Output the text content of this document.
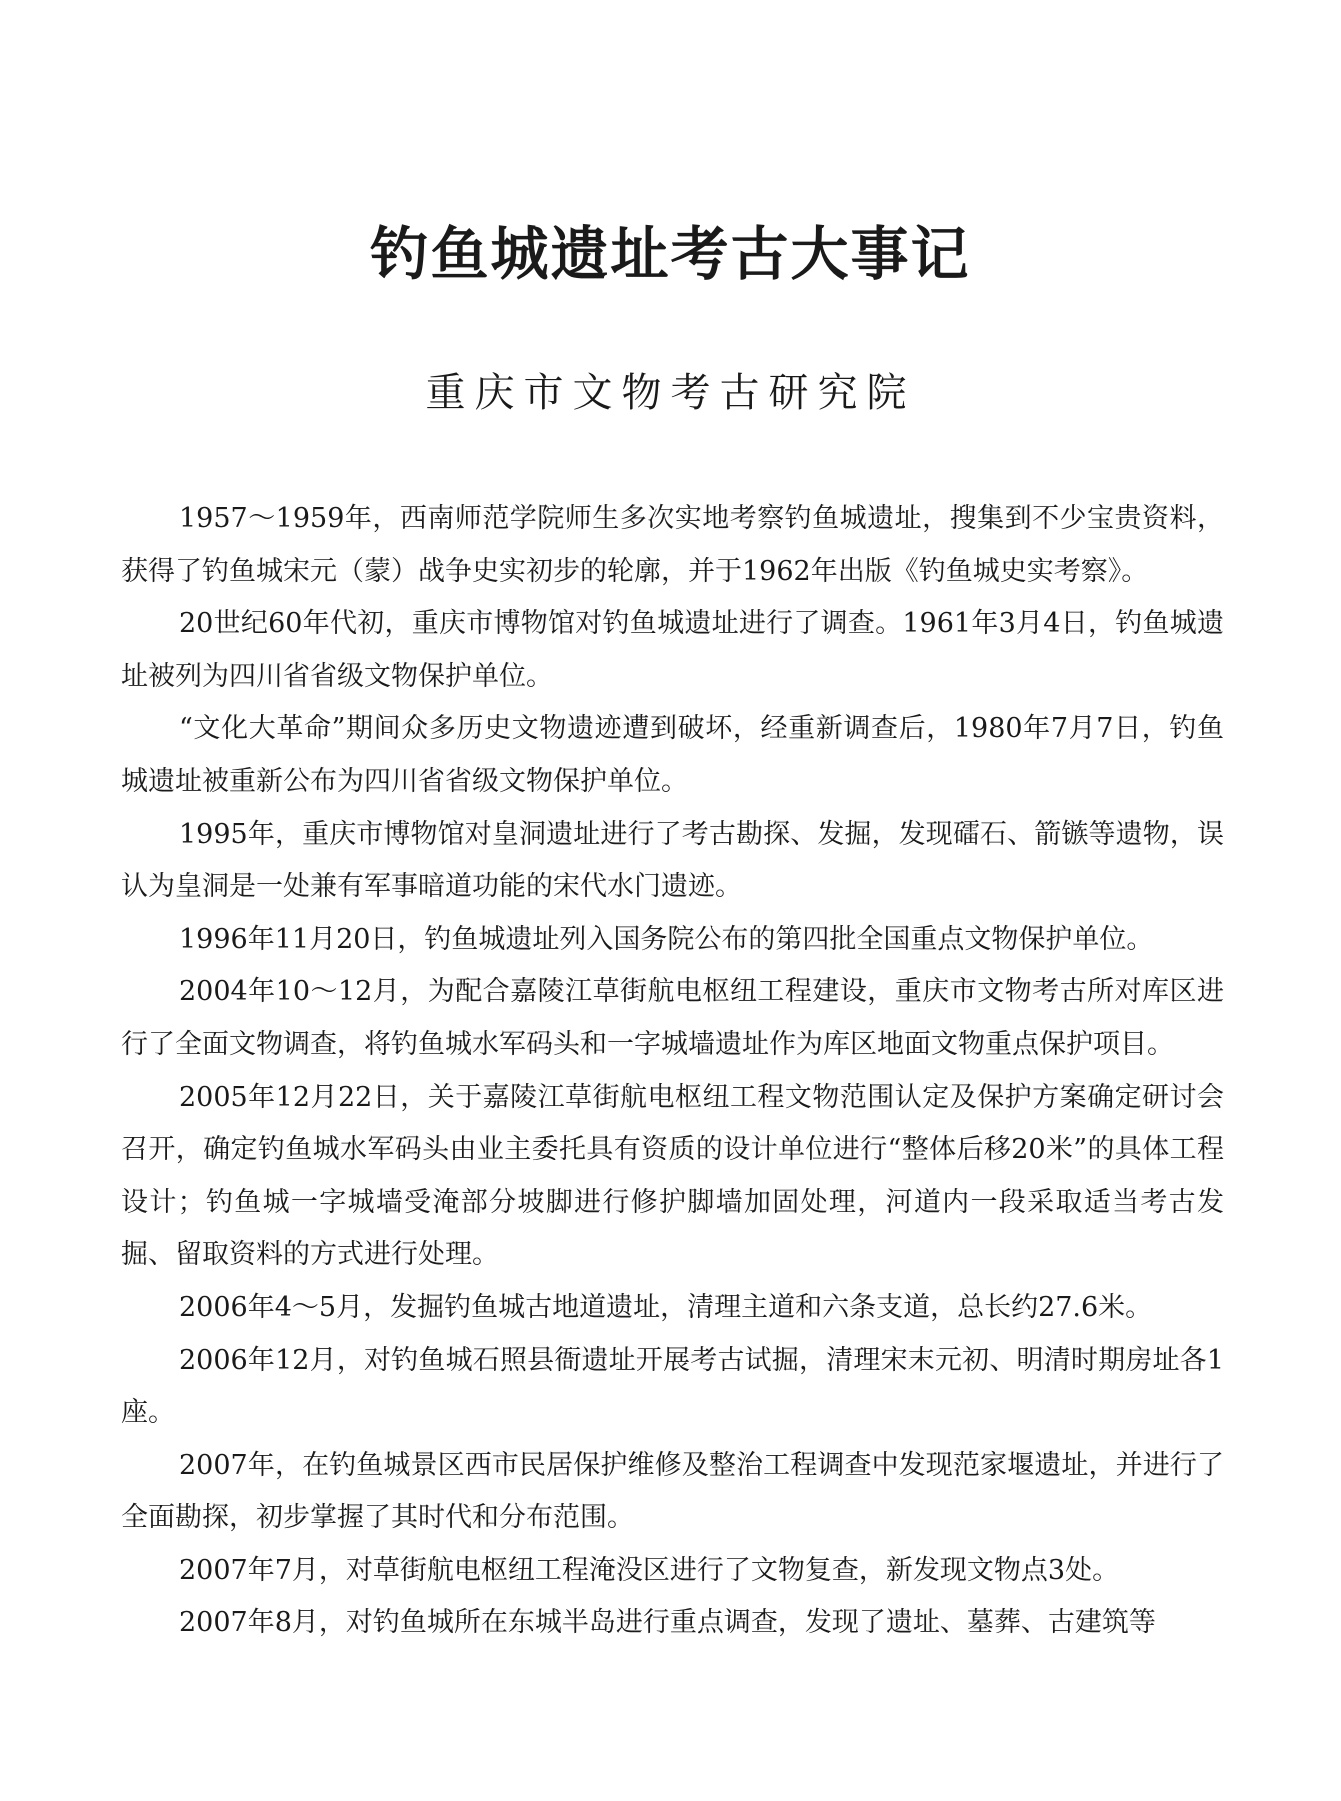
钓鱼城遗址考古大事记
重庆市文物考古研究院

1957～1959年，西南师范学院师生多次实地考察钓鱼城遗址，搜集到不少宝贵资料，获得了钓鱼城宋元（蒙）战争史实初步的轮廓，并于1962年出版《钓鱼城史实考察》。

20世纪60年代初，重庆市博物馆对钓鱼城遗址进行了调查。1961年3月4日，钓鱼城遗址被列为四川省省级文物保护单位。

“文化大革命”期间众多历史文物遗迹遭到破坏，经重新调查后，1980年7月7日，钓鱼城遗址被重新公布为四川省省级文物保护单位。

1995年，重庆市博物馆对皇洞遗址进行了考古勘探、发掘，发现礌石、箭镞等遗物，误认为皇洞是一处兼有军事暗道功能的宋代水门遗迹。

1996年11月20日，钓鱼城遗址列入国务院公布的第四批全国重点文物保护单位。

2004年10～12月，为配合嘉陵江草街航电枢纽工程建设，重庆市文物考古所对库区进行了全面文物调查，将钓鱼城水军码头和一字城墙遗址作为库区地面文物重点保护项目。

2005年12月22日，关于嘉陵江草街航电枢纽工程文物范围认定及保护方案确定研讨会召开，确定钓鱼城水军码头由业主委托具有资质的设计单位进行“整体后移20米”的具体工程设计；钓鱼城一字城墙受淹部分坡脚进行修护脚墙加固处理，河道内一段采取适当考古发掘、留取资料的方式进行处理。

2006年4～5月，发掘钓鱼城古地道遗址，清理主道和六条支道，总长约27.6米。

2006年12月，对钓鱼城石照县衙遗址开展考古试掘，清理宋末元初、明清时期房址各1座。

2007年，在钓鱼城景区西市民居保护维修及整治工程调查中发现范家堰遗址，并进行了全面勘探，初步掌握了其时代和分布范围。

2007年7月，对草街航电枢纽工程淹没区进行了文物复查，新发现文物点3处。

2007年8月，对钓鱼城所在东城半岛进行重点调查，发现了遗址、墓葬、古建筑等
